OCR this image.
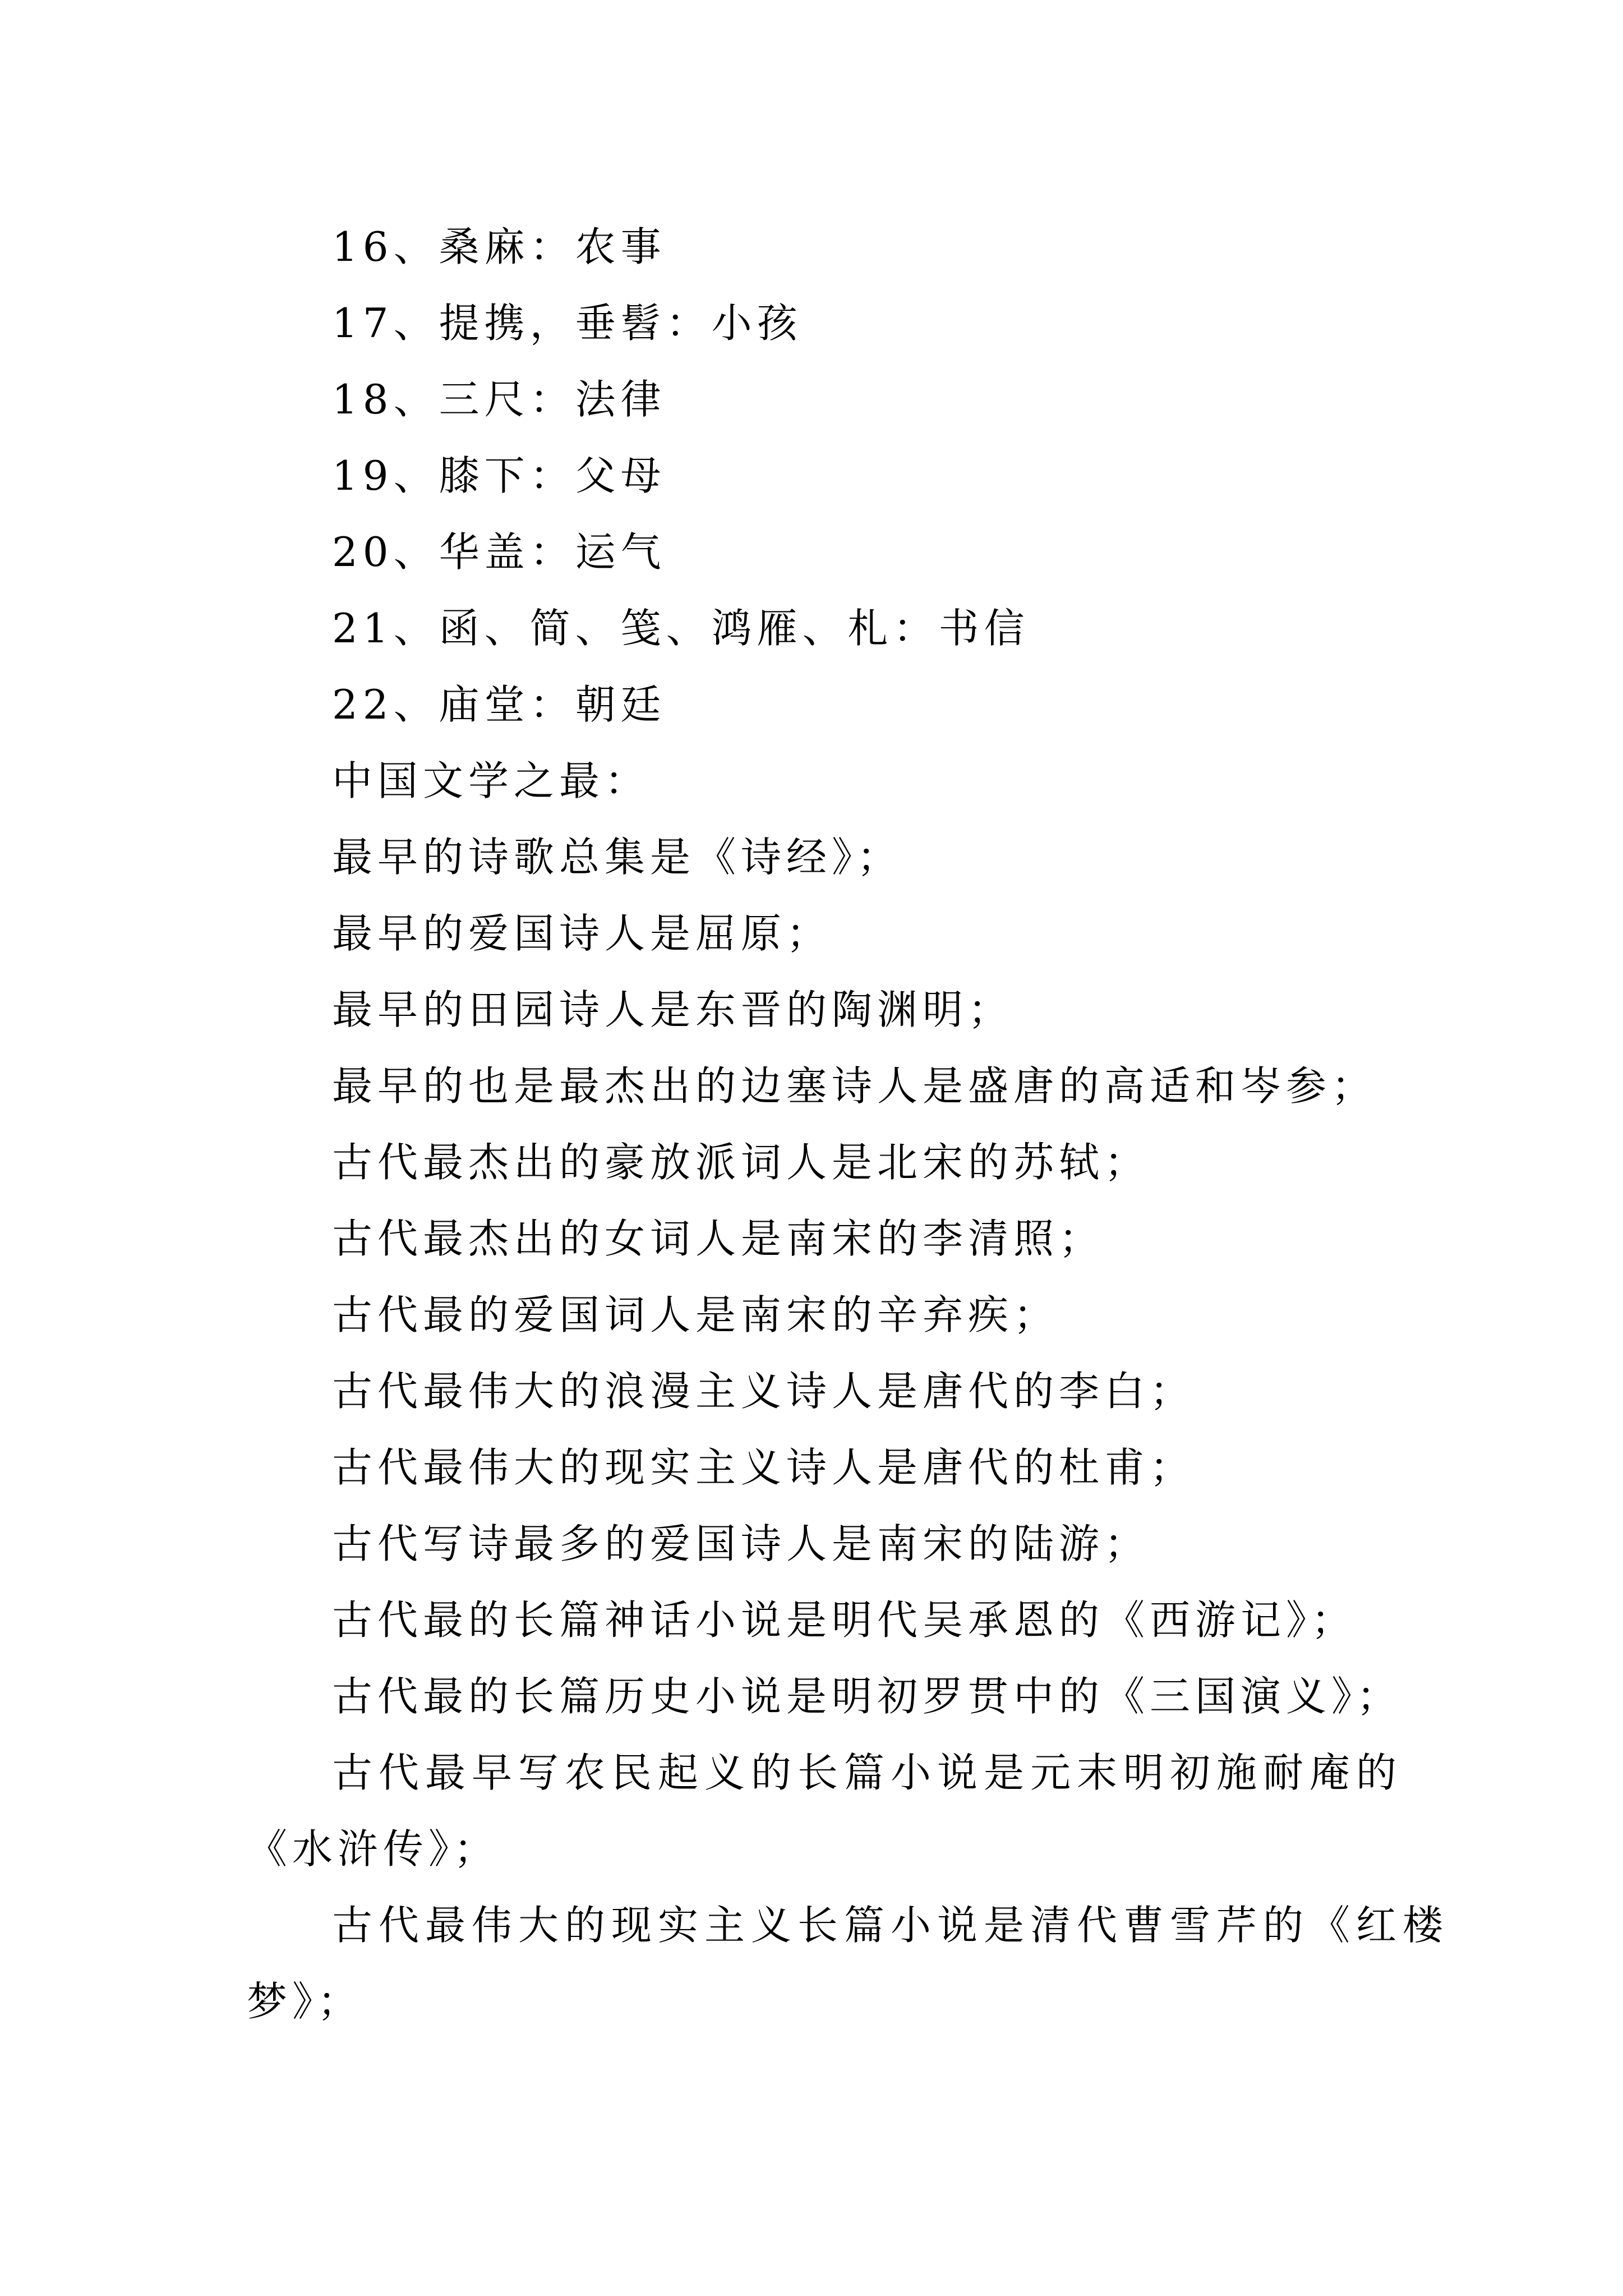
16、桑麻：农事
17、提携，垂髫：小孩
18、三尺：法律
19、膝下：父母
20、华盖：运气
21、函、简、笺、鸿雁、札：书信
22、庙堂：朝廷
中国文学之最：
最早的诗歌总集是《诗经》；
最早的爱国诗人是屈原；
最早的田园诗人是东晋的陶渊明；
最早的也是最杰出的边塞诗人是盛唐的高适和岑参；
古代最杰出的豪放派词人是北宋的苏轼；
古代最杰出的女词人是南宋的李清照；
古代最的爱国词人是南宋的辛弃疾；
古代最伟大的浪漫主义诗人是唐代的李白；
古代最伟大的现实主义诗人是唐代的杜甫；
古代写诗最多的爱国诗人是南宋的陆游；
古代最的长篇神话小说是明代吴承恩的《西游记》；
古代最的长篇历史小说是明初罗贯中的《三国演义》；
古代最早写农民起义的长篇小说是元末明初施耐庵的
《水浒传》；
古代最伟大的现实主义长篇小说是清代曹雪芹的《红楼
梦》；
